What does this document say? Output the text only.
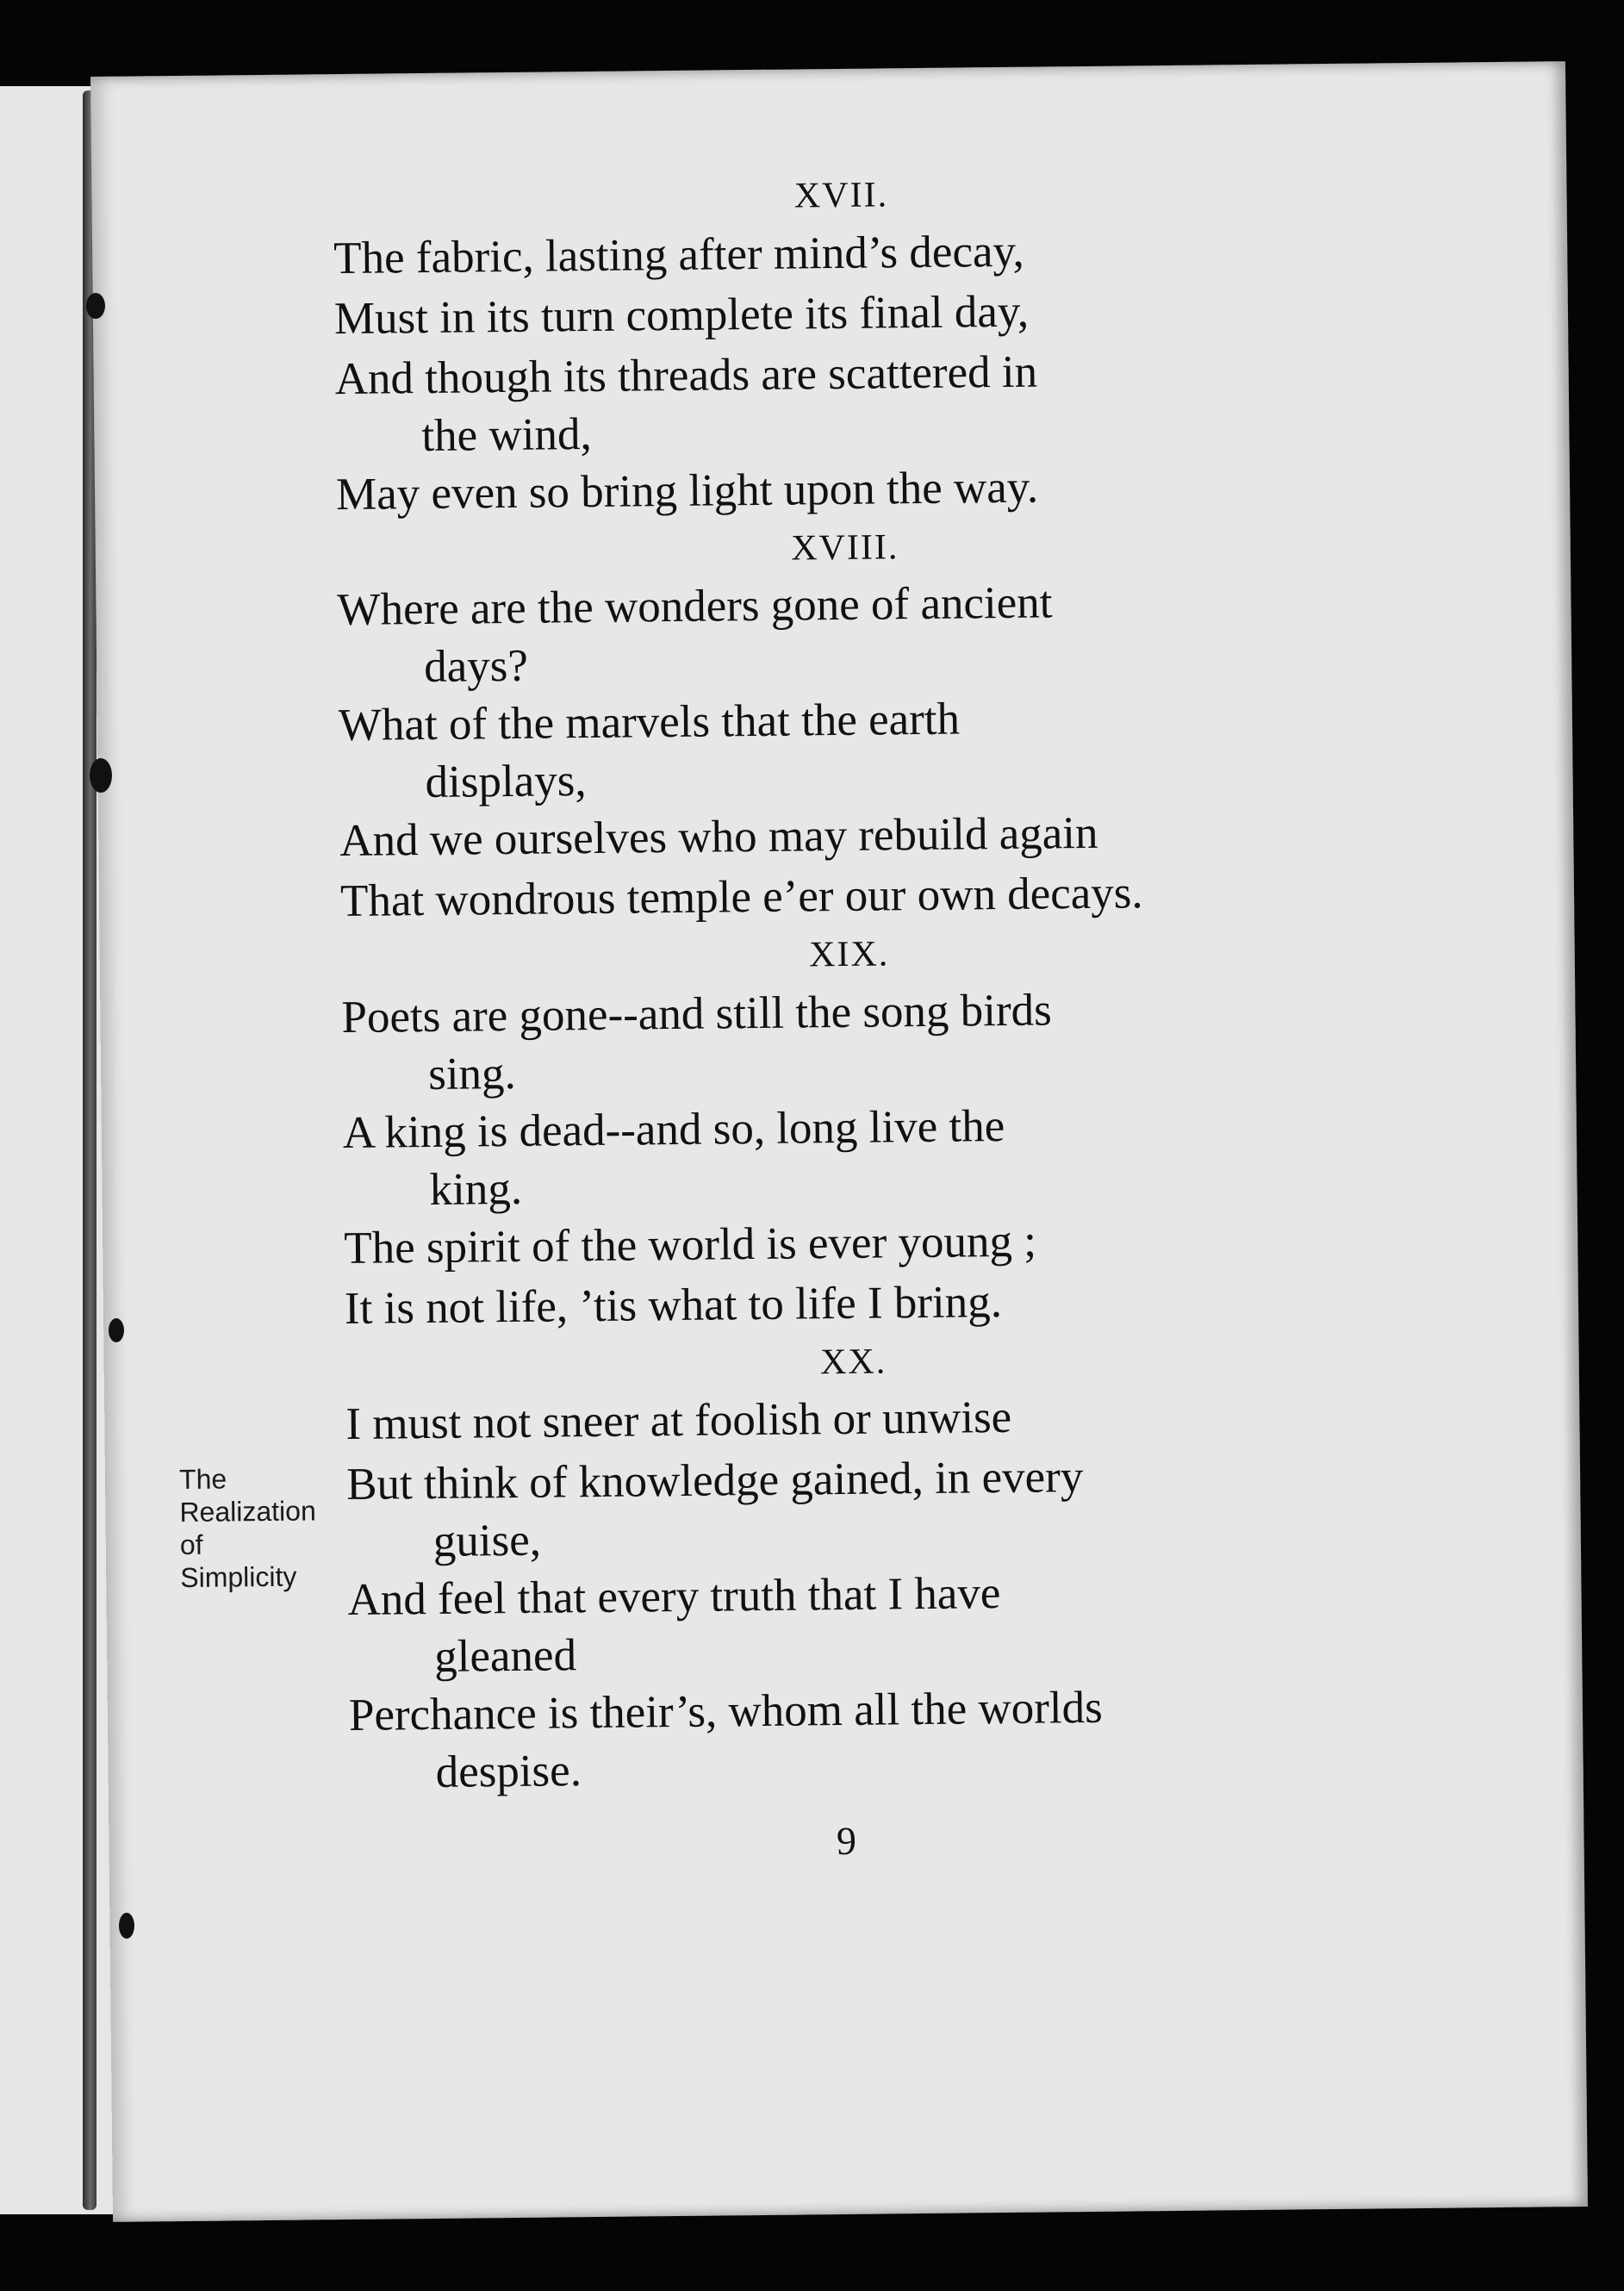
XVII.
The fabric, lasting after mind’s decay,
Must in its turn complete its final day,
And though its threads are scattered in
the wind,
May even so bring light upon the way.
XVIII.
Where are the wonders gone of ancient
days?
What of the marvels that the earth
displays,
And we ourselves who may rebuild again
That wondrous temple e’er our own decays.
XIX.
Poets are gone--and still the song birds
sing.
A king is dead--and so, long live the
king.
The spirit of the world is ever young ;
It is not life, ’tis what to life I bring.
XX.
I must not sneer at foolish or unwise
But think of knowledge gained, in every
guise,
And feel that every truth that I have
gleaned
Perchance is their’s, whom all the worlds
despise.
The
Realization
of
Simplicity
9
